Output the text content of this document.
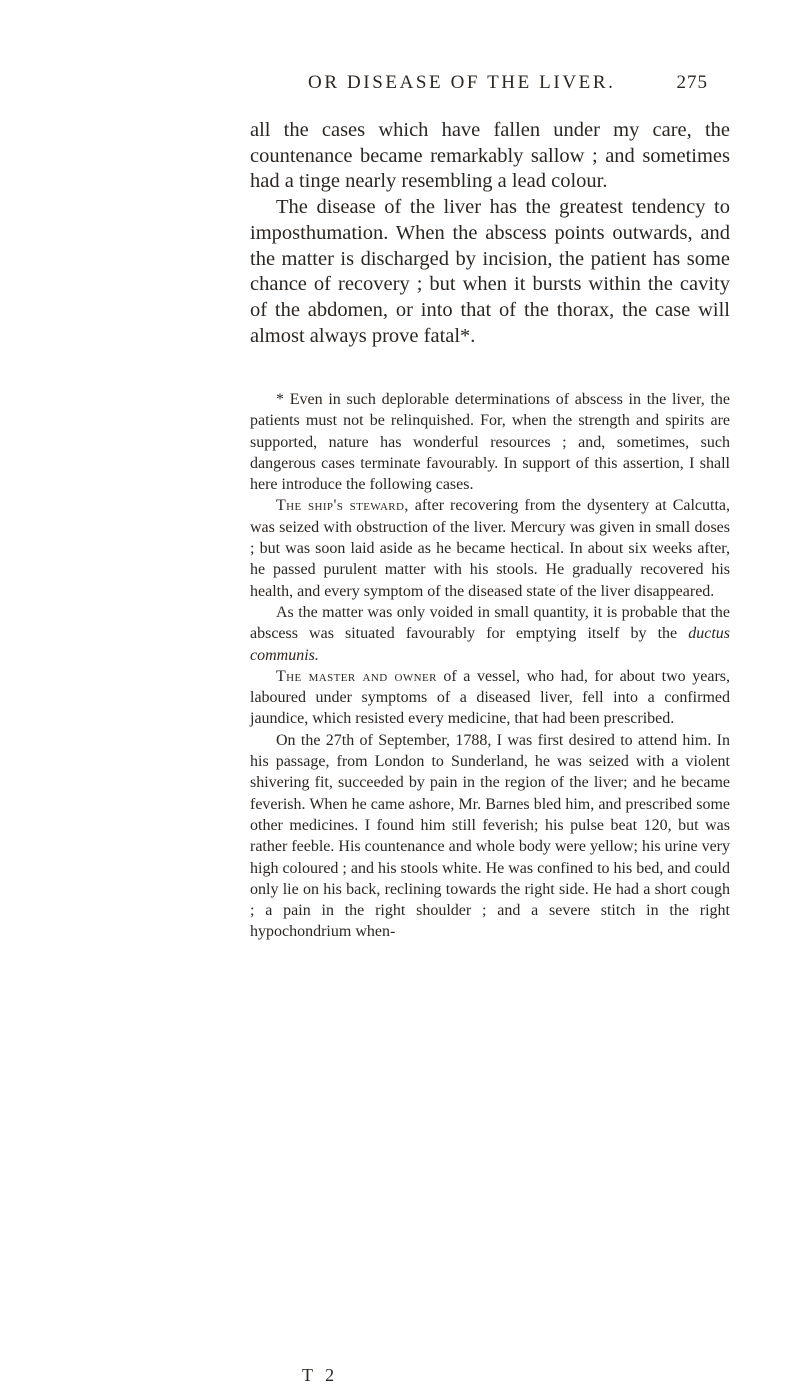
OR DISEASE OF THE LIVER.	275

all the cases which have fallen under my care, the countenance became remarkably sallow ; and sometimes had a tinge nearly resembling a lead colour.

The disease of the liver has the greatest tendency to imposthumation. When the abscess points outwards, and the matter is discharged by incision, the patient has some chance of recovery ; but when it bursts within the cavity of the abdomen, or into that of the thorax, the case will almost always prove fatal*.

* Even in such deplorable determinations of abscess in the liver, the patients must not be relinquished. For, when the strength and spirits are supported, nature has wonderful resources ; and, sometimes, such dangerous cases terminate favourably. In support of this assertion, I shall here introduce the following cases.

The ship's steward, after recovering from the dysentery at Calcutta, was seized with obstruction of the liver. Mercury was given in small doses ; but was soon laid aside as he became hectical. In about six weeks after, he passed purulent matter with his stools. He gradually recovered his health, and every symptom of the diseased state of the liver disappeared.

As the matter was only voided in small quantity, it is probable that the abscess was situated favourably for emptying itself by the ductus communis.

The master and owner of a vessel, who had, for about two years, laboured under symptoms of a diseased liver, fell into a confirmed jaundice, which resisted every medicine, that had been prescribed.

On the 27th of September, 1788, I was first desired to attend him. In his passage, from London to Sunderland, he was seized with a violent shivering fit, succeeded by pain in the region of the liver; and he became feverish. When he came ashore, Mr. Barnes bled him, and prescribed some other medicines. I found him still feverish; his pulse beat 120, but was rather feeble. His countenance and whole body were yellow; his urine very high coloured ; and his stools white. He was confined to his bed, and could only lie on his back, reclining towards the right side. He had a short cough ; a pain in the right shoulder ; and a severe stitch in the right hypochondrium when-

T 2
